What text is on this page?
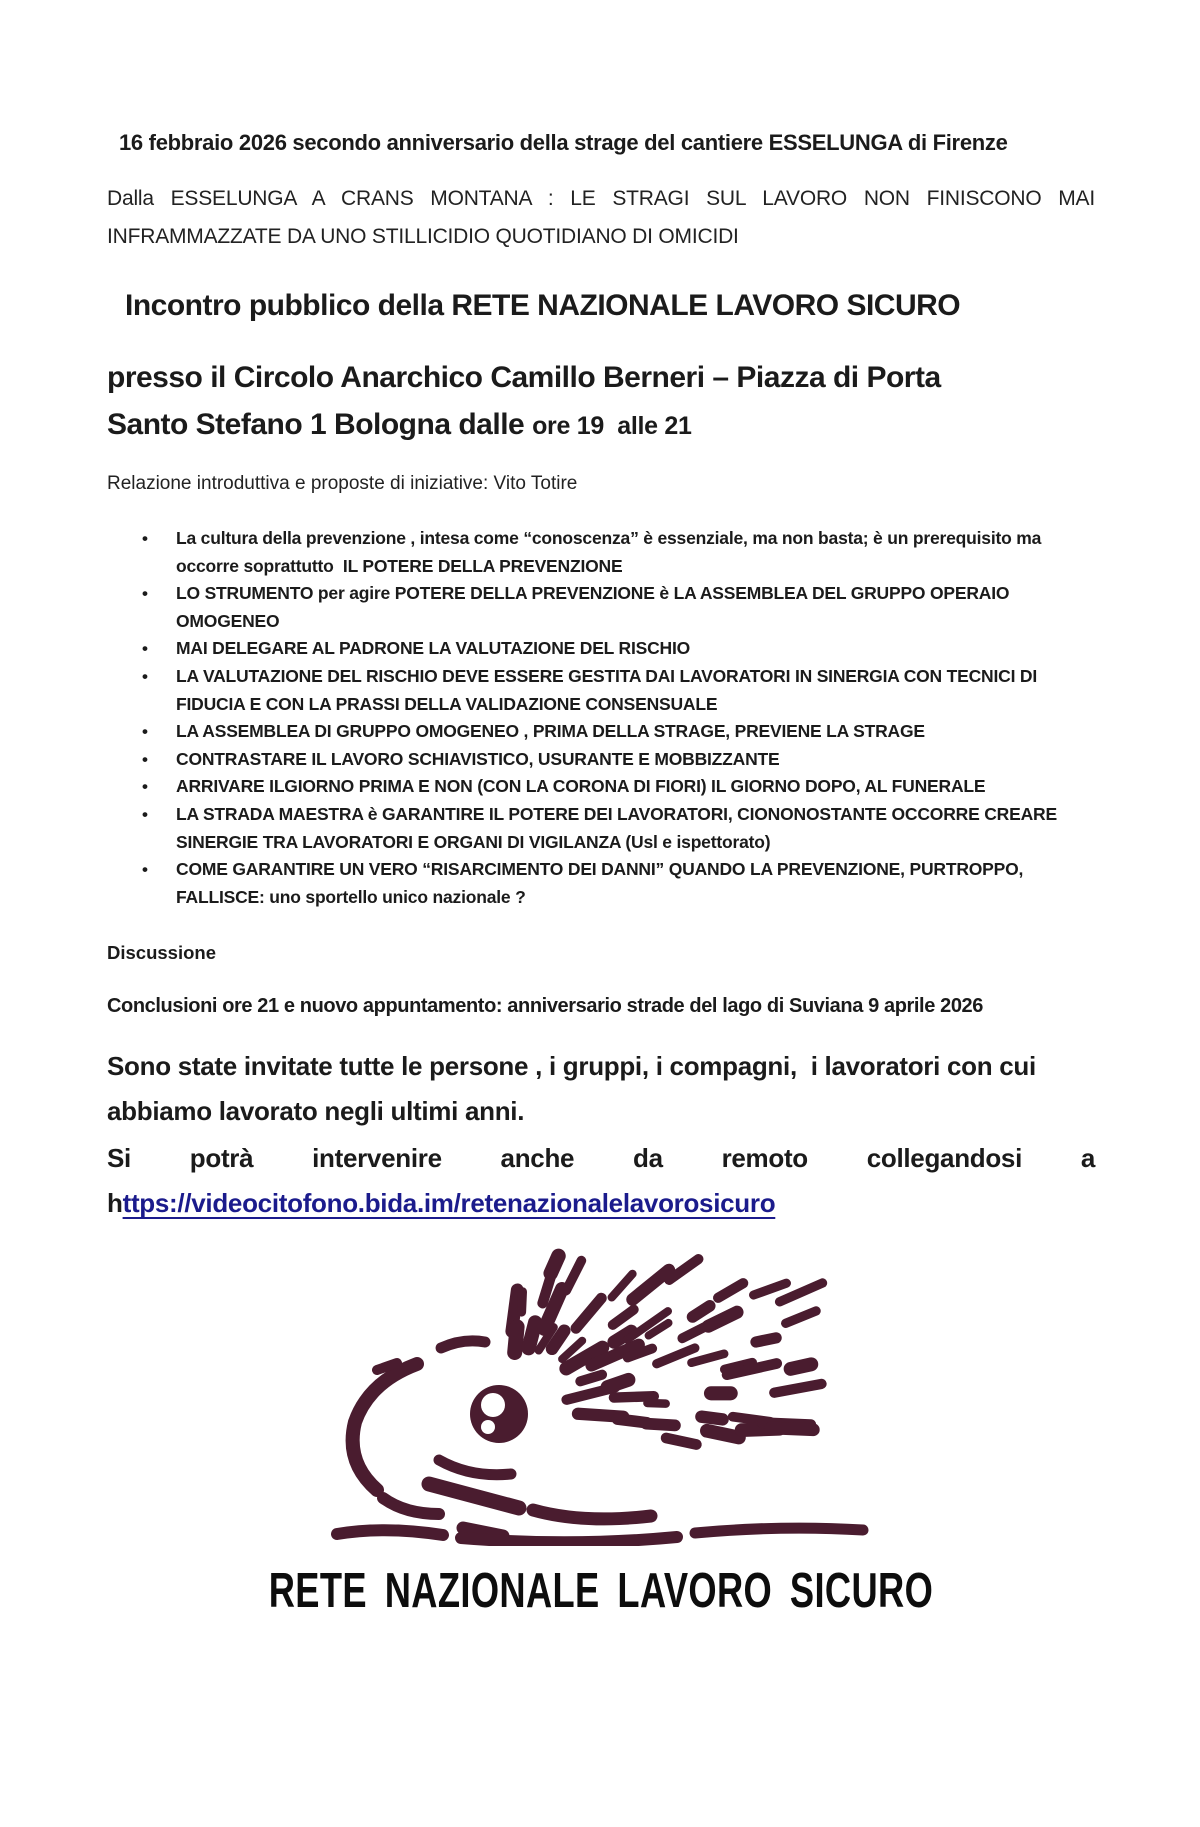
16 febbraio 2026 secondo anniversario della strage del cantiere ESSELUNGA di Firenze
Dalla ESSELUNGA A CRANS MONTANA : LE STRAGI SUL LAVORO NON FINISCONO MAI INFRAMMAZZATE DA UNO STILLICIDIO QUOTIDIANO DI OMICIDI
Incontro pubblico della RETE NAZIONALE LAVORO SICURO
presso il Circolo Anarchico Camillo Berneri – Piazza di Porta
Santo Stefano 1 Bologna dalle ore 19  alle 21
Relazione introduttiva e proposte di iniziative: Vito Totire
• La cultura della prevenzione , intesa come “conoscenza” è essenziale, ma non basta; è un prerequisito ma occorre soprattutto  IL POTERE DELLA PREVENZIONE
• LO STRUMENTO per agire POTERE DELLA PREVENZIONE è LA ASSEMBLEA DEL GRUPPO OPERAIO OMOGENEO
• MAI DELEGARE AL PADRONE LA VALUTAZIONE DEL RISCHIO
• LA VALUTAZIONE DEL RISCHIO DEVE ESSERE GESTITA DAI LAVORATORI IN SINERGIA CON TECNICI DI FIDUCIA E CON LA PRASSI DELLA VALIDAZIONE CONSENSUALE
• LA ASSEMBLEA DI GRUPPO OMOGENEO , PRIMA DELLA STRAGE, PREVIENE LA STRAGE
• CONTRASTARE IL LAVORO SCHIAVISTICO, USURANTE E MOBBIZZANTE
• ARRIVARE ILGIORNO PRIMA E NON (CON LA CORONA DI FIORI) IL GIORNO DOPO, AL FUNERALE
• LA STRADA MAESTRA è GARANTIRE IL POTERE DEI LAVORATORI, CIONONOSTANTE OCCORRE CREARE SINERGIE TRA LAVORATORI E ORGANI DI VIGILANZA (Usl e ispettorato)
• COME GARANTIRE UN VERO “RISARCIMENTO DEI DANNI” QUANDO LA PREVENZIONE, PURTROPPO, FALLISCE: uno sportello unico nazionale ?
Discussione
Conclusioni ore 21 e nuovo appuntamento: anniversario strade del lago di Suviana 9 aprile 2026
Sono state invitate tutte le persone , i gruppi, i compagni,  i lavoratori con cui abbiamo lavorato negli ultimi anni.
Si potrà intervenire anche da remoto collegandosi a https://videocitofono.bida.im/retenazionalelavorosicuro

RETE NAZIONALE LAVORO SICURO
